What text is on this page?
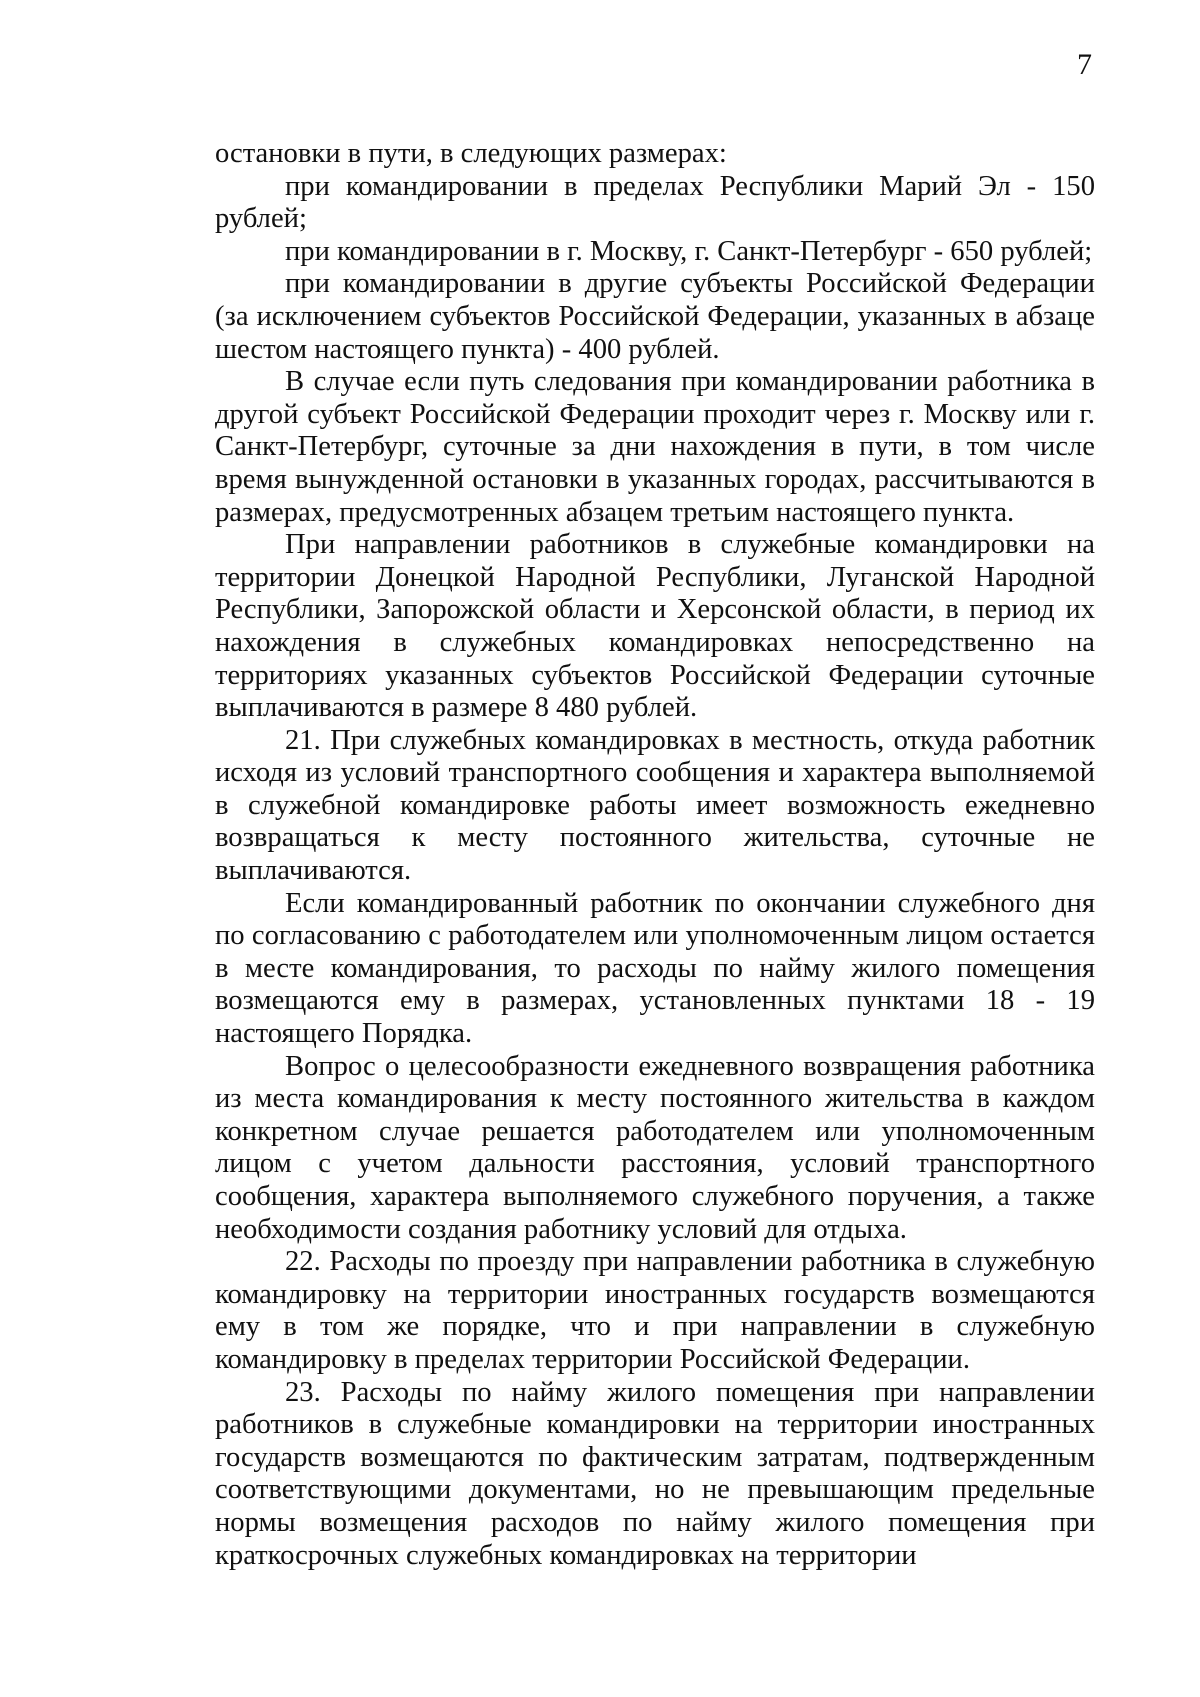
7

остановки в пути, в следующих размерах:

при командировании в пределах Республики Марий Эл - 150 рублей;

при командировании в г. Москву, г. Санкт-Петербург - 650 рублей;

при командировании в другие субъекты Российской Федерации (за исключением субъектов Российской Федерации, указанных в абзаце шестом настоящего пункта) - 400 рублей.

В случае если путь следования при командировании работника в другой субъект Российской Федерации проходит через г. Москву или г. Санкт-Петербург, суточные за дни нахождения в пути, в том числе время вынужденной остановки в указанных городах, рассчитываются в размерах, предусмотренных абзацем третьим настоящего пункта.

При направлении работников в служебные командировки на территории Донецкой Народной Республики, Луганской Народной Республики, Запорожской области и Херсонской области, в период их нахождения в служебных командировках непосредственно на территориях указанных субъектов Российской Федерации суточные выплачиваются в размере 8 480 рублей.

21. При служебных командировках в местность, откуда работник исходя из условий транспортного сообщения и характера выполняемой в служебной командировке работы имеет возможность ежедневно возвращаться к месту постоянного жительства, суточные не выплачиваются.

Если командированный работник по окончании служебного дня по согласованию с работодателем или уполномоченным лицом остается в месте командирования, то расходы по найму жилого помещения возмещаются ему в размерах, установленных пунктами 18 - 19 настоящего Порядка.

Вопрос о целесообразности ежедневного возвращения работника из места командирования к месту постоянного жительства в каждом конкретном случае решается работодателем или уполномоченным лицом с учетом дальности расстояния, условий транспортного сообщения, характера выполняемого служебного поручения, а также необходимости создания работнику условий для отдыха.

22. Расходы по проезду при направлении работника в служебную командировку на территории иностранных государств возмещаются ему в том же порядке, что и при направлении в служебную командировку в пределах территории Российской Федерации.

23. Расходы по найму жилого помещения при направлении работников в служебные командировки на территории иностранных государств возмещаются по фактическим затратам, подтвержденным соответствующими документами, но не превышающим предельные нормы возмещения расходов по найму жилого помещения при краткосрочных служебных командировках на территории
